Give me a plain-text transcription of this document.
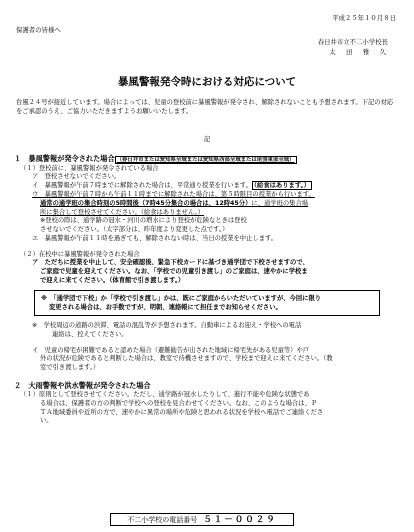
平成２５年１０月８日
保護者の皆様へ
春日井市立不二小学校長
太　田　雅　久
暴風警報発令時における対応について
台風２４号が接近しています。場合によっては、児童の登校前に暴風警報が発令され、解除されないことも予想されます。下記の対応をご承認のうえ、ご協力いただきますようお願いいたします。
記
１　暴風警報が発令された場合 （春日井市または愛知県全域または愛知県西部全域または尾張東部全域）
（１）登校前に、暴風警報が発令されている場合
ア　登校させないでください。
イ　暴風警報が午前７時までに解除された場合は、平常通り授業を行います。 （給食はあります。）
ウ　暴風警報が午前７時から午前１１時までに解除された場合は、第５時限目の授業から行います。
通常の通学班の集合時刻の5時間後（7時45分集合の場合は、12時45分）に、通学班の集合場
所に集合して登校させてください。（給食はありません。）
※登校の際は、通学路の冠水・河川の増水により登校が危険なときは登校
させないでください。（太字部分は、昨年度より変更した点です。）
エ　暴風警報が午前１１時を過ぎても、解除されない時は、当日の授業を中止します。
（２）在校中に暴風警報が発令された場合
ア　ただちに授業を中止して、安全確認後、緊急下校カードに基づき通学団で下校させますので、
ご家庭で児童を迎えてください。なお、「学校での児童引き渡し」のご家庭は、速やかに学校ま
で迎えに来てください。（体育館で引き渡します。）
※　「通学団で下校」か「学校で引き渡し」かは、既にご家庭からいただいていますが、今回に限り
変更される場合は、お手数ですが、明朝、連絡帳にて担任までお知らせください。
※　学校周辺の道路の渋滞、電話の混乱等が予想されます。自動車によるお迎え・学校への電話
連絡は、控えてください。
イ　児童の帰宅が困難であると認めた場合（避難勧告が出された地域に帰宅先がある児童等）や戸
外の状況が危険であると判断した場合は、教室で待機させますので、学校まで迎えに来てください。（教
室で引き渡します。）
２　大雨警報や洪水警報が発令された場合
（１）原則として登校させてください。ただし、通学路が冠水したりして、進行不能や危険な状態であ
る場合は、保護者の方の判断で学校への登校を見合わせてください。なお、このような場合は、Ｐ
ＴＡ地域委員や近所の方で、速やかに異常の場所や危険と思われる状況を学校へ電話でご連絡くださ
い。
不二小学校の電話番号 ５１－００２９
